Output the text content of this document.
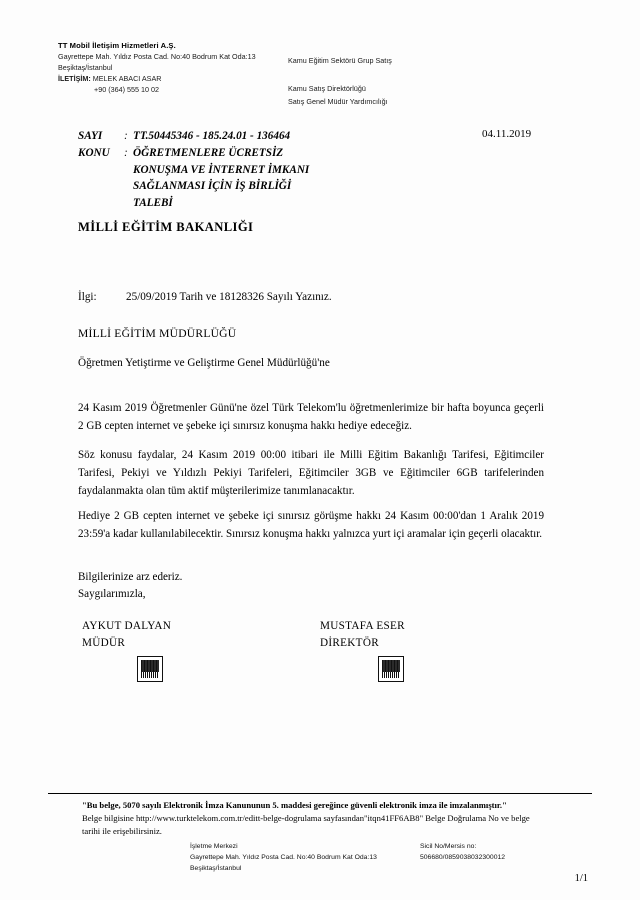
TT Mobil İletişim Hizmetleri A.Ş.
Gayrettepe Mah. Yıldız Posta Cad. No:40 Bodrum Kat Oda:13
Beşiktaş/İstanbul
İLETİŞİM: MELEK ABACI ASAR
+90 (364) 555 10 02
Kamu Eğitim Sektörü Grup Satış
Kamu Satış Direktörlüğü
Satış Genel Müdür Yardımcılığı
SAYI	: TT.50445346 - 185.24.01 - 136464
KONU	: ÖĞRETMENLERE ÜCRETSİZ
KONUŞMA VE İNTERNET İMKANI
SAĞLANMASI İÇİN İŞ BİRLİĞİ
TALEBİ
04.11.2019
MİLLİ EĞİTİM BAKANLIĞI
İlgi:	25/09/2019 Tarih ve 18128326 Sayılı Yazınız.
MİLLİ EĞİTİM MÜDÜRLÜĞÜ
Öğretmen Yetiştirme ve Geliştirme Genel Müdürlüğü'ne
24 Kasım 2019 Öğretmenler Günü'ne özel Türk Telekom'lu öğretmenlerimize bir hafta boyunca geçerli 2 GB cepten internet ve şebeke içi sınırsız konuşma hakkı hediye edeceğiz.
Söz konusu faydalar, 24 Kasım 2019 00:00 itibari ile Milli Eğitim Bakanlığı Tarifesi, Eğitimciler Tarifesi, Pekiyi ve Yıldızlı Pekiyi Tarifeleri, Eğitimciler 3GB ve Eğitimciler 6GB tarifelerinden faydalanmakta olan tüm aktif müşterilerimize tanımlanacaktır.
Hediye 2 GB cepten internet ve şebeke içi sınırsız görüşme hakkı 24 Kasım 00:00'dan 1 Aralık 2019 23:59'a kadar kullanılabilecektir. Sınırsız konuşma hakkı yalnızca yurt içi aramalar için geçerli olacaktır.
Bilgilerinize arz ederiz.
Saygılarımızla,
AYKUT DALYAN
MÜDÜR
MUSTAFA ESER
DİREKTÖR
"Bu belge, 5070 sayılı Elektronik İmza Kanununun 5. maddesi gereğince güvenli elektronik imza ile imzalanmıştır."
Belge bilgisine http://www.turktelekom.com.tr/editt-belge-dogrulama sayfasından"itqn41FF6AB8" Belge Doğrulama No ve belge
tarihi ile erişebilirsiniz.
İşletme Merkezi
Gayrettepe Mah. Yıldız Posta Cad. No:40 Bodrum Kat Oda:13
Beşiktaş/İstanbul
Sicil No/Mersis no:
506680/0859038032300012
1/1
